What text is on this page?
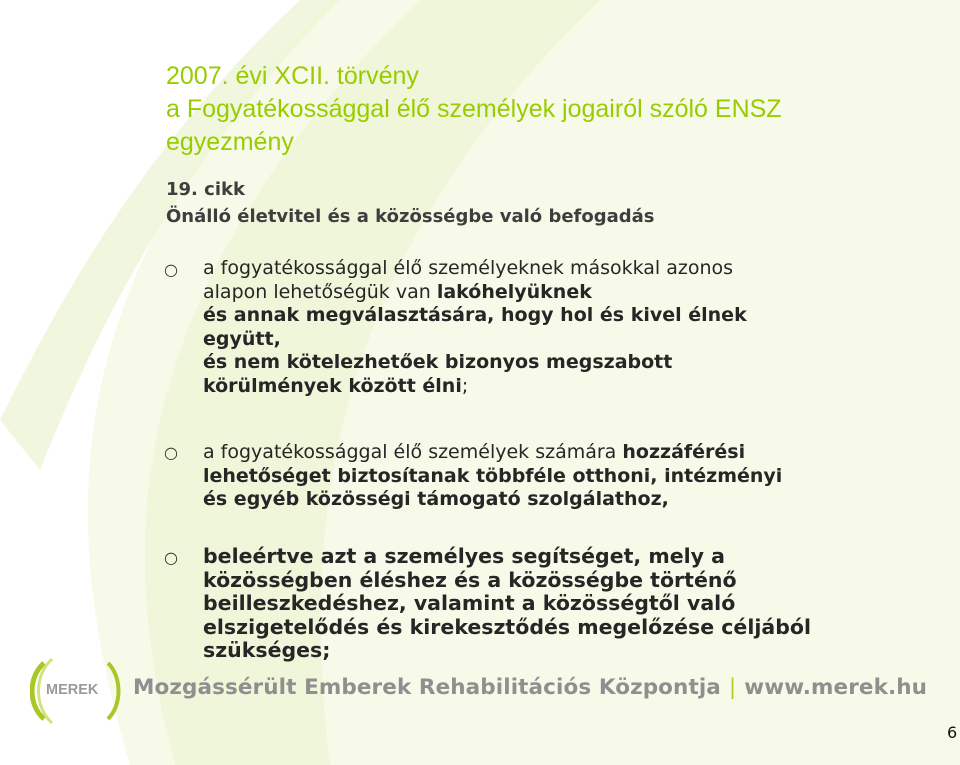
2007. évi XCII. törvény
a Fogyatékossággal élő személyek jogairól szóló ENSZ
egyezmény
19. cikk
Önálló életvitel és a közösségbe való befogadás
○ a fogyatékossággal élő személyeknek másokkal azonos
alapon lehetőségük van lakóhelyüknek
és annak megválasztására, hogy hol és kivel élnek
együtt,
és nem kötelezhetőek bizonyos megszabott
körülmények között élni;
○ a fogyatékossággal élő személyek számára hozzáférési
lehetőséget biztosítanak többféle otthoni, intézményi
és egyéb közösségi támogató szolgálathoz,
○ beleértve azt a személyes segítséget, mely a
közösségben éléshez és a közösségbe történő
beilleszkedéshez, valamint a közösségtől való
elszigetelődés és kirekesztődés megelőzése céljából
szükséges;
MEREK Mozgássérült Emberek Rehabilitációs Központja | www.merek.hu
6
